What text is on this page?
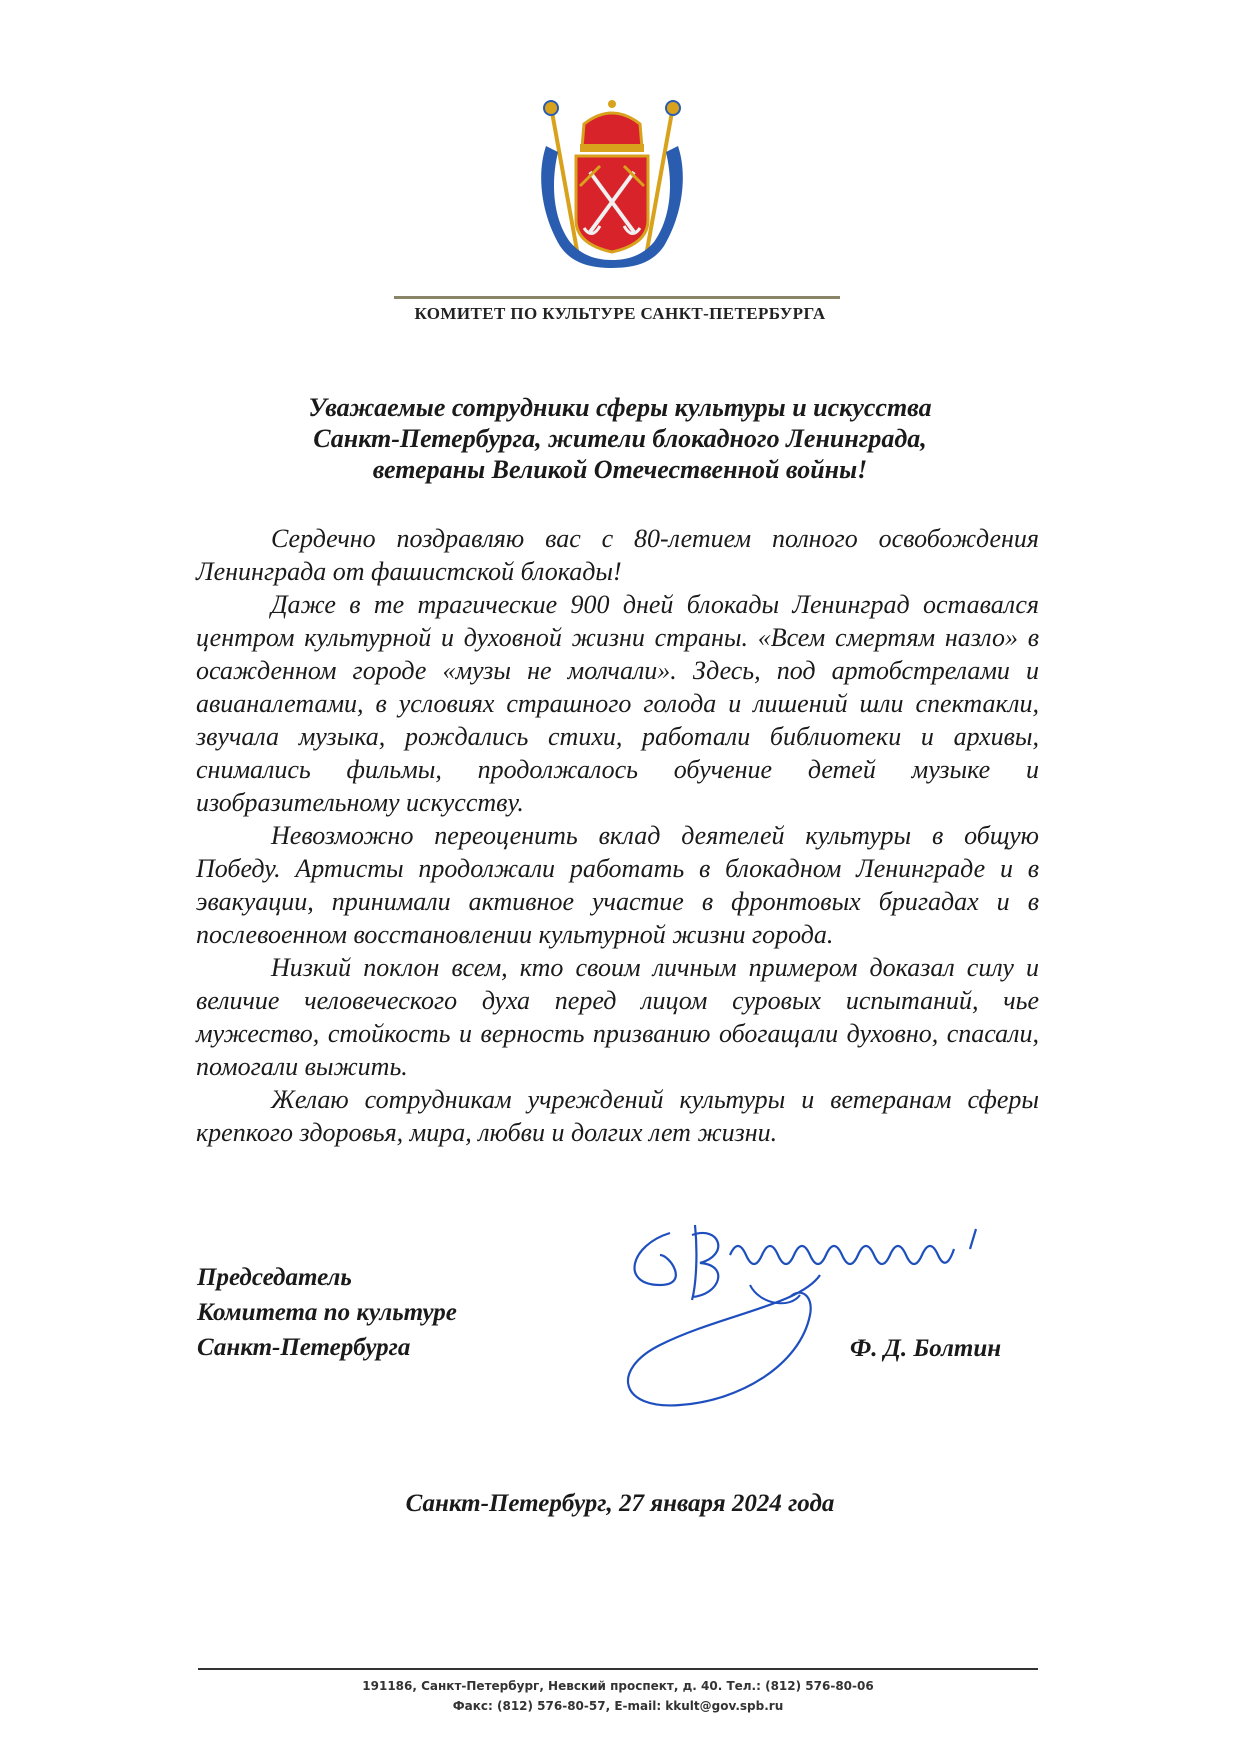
КОМИТЕТ ПО КУЛЬТУРЕ САНКТ-ПЕТЕРБУРГА
Уважаемые сотрудники сферы культуры и искусства
Санкт-Петербурга, жители блокадного Ленинграда,
ветераны Великой Отечественной войны!

Сердечно поздравляю вас с 80-летием полного освобождения Ленинграда от фашистской блокады!

Даже в те трагические 900 дней блокады Ленинград оставался центром культурной и духовной жизни страны. «Всем смертям назло» в осажденном городе «музы не молчали». Здесь, под артобстрелами и авианалетами, в условиях страшного голода и лишений шли спектакли, звучала музыка, рождались стихи, работали библиотеки и архивы, снимались фильмы, продолжалось обучение детей музыке и изобразительному искусству.

Невозможно переоценить вклад деятелей культуры в общую Победу. Артисты продолжали работать в блокадном Ленинграде и в эвакуации, принимали активное участие в фронтовых бригадах и в послевоенном восстановлении культурной жизни города.

Низкий поклон всем, кто своим личным примером доказал силу и величие человеческого духа перед лицом суровых испытаний, чье мужество, стойкость и верность призванию обогащали духовно, спасали, помогали выжить.

Желаю сотрудникам учреждений культуры и ветеранам сферы крепкого здоровья, мира, любви и долгих лет жизни.

Председатель
Комитета по культуре
Санкт-Петербурга	Ф. Д. Болтин
Санкт-Петербург, 27 января 2024 года
191186, Санкт-Петербург, Невский проспект, д. 40. Тел.: (812) 576-80-06
Факс: (812) 576-80-57, E-mail: kkult@gov.spb.ru
